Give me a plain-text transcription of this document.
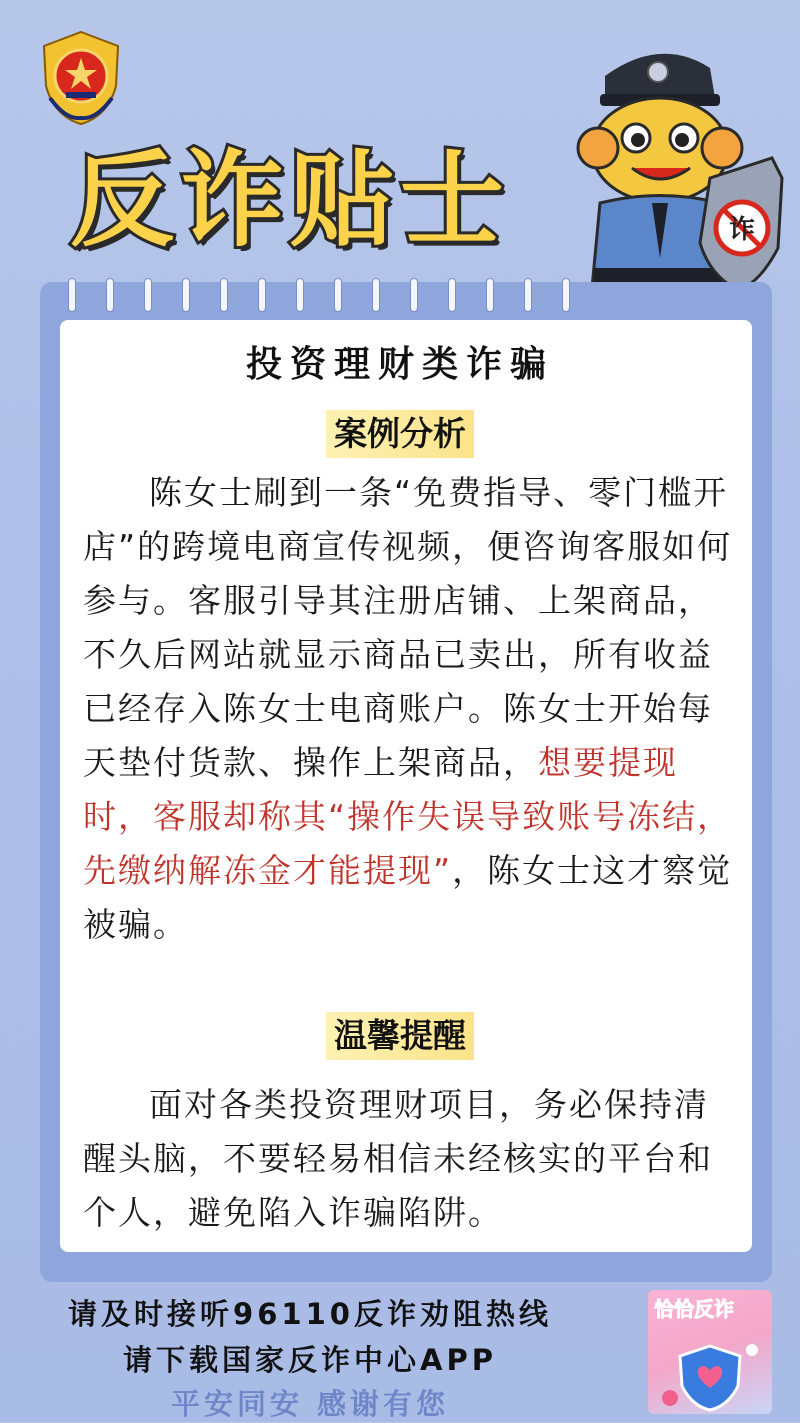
反诈贴士	诈
投资理财类诈骗
案例分析
陈女士刷到一条“免费指导、零门槛开店”的跨境电商宣传视频，便咨询客服如何参与。客服引导其注册店铺、上架商品，不久后网站就显示商品已卖出，所有收益已经存入陈女士电商账户。陈女士开始每天垫付货款、操作上架商品，想要提现时，客服却称其“操作失误导致账号冻结，先缴纳解冻金才能提现”，陈女士这才察觉被骗。
温馨提醒
面对各类投资理财项目，务必保持清醒头脑，不要轻易相信未经核实的平台和个人，避免陷入诈骗陷阱。
请及时接听96110反诈劝阻热线
请下载国家反诈中心APP
平安同安 感谢有您
恰恰反诈
